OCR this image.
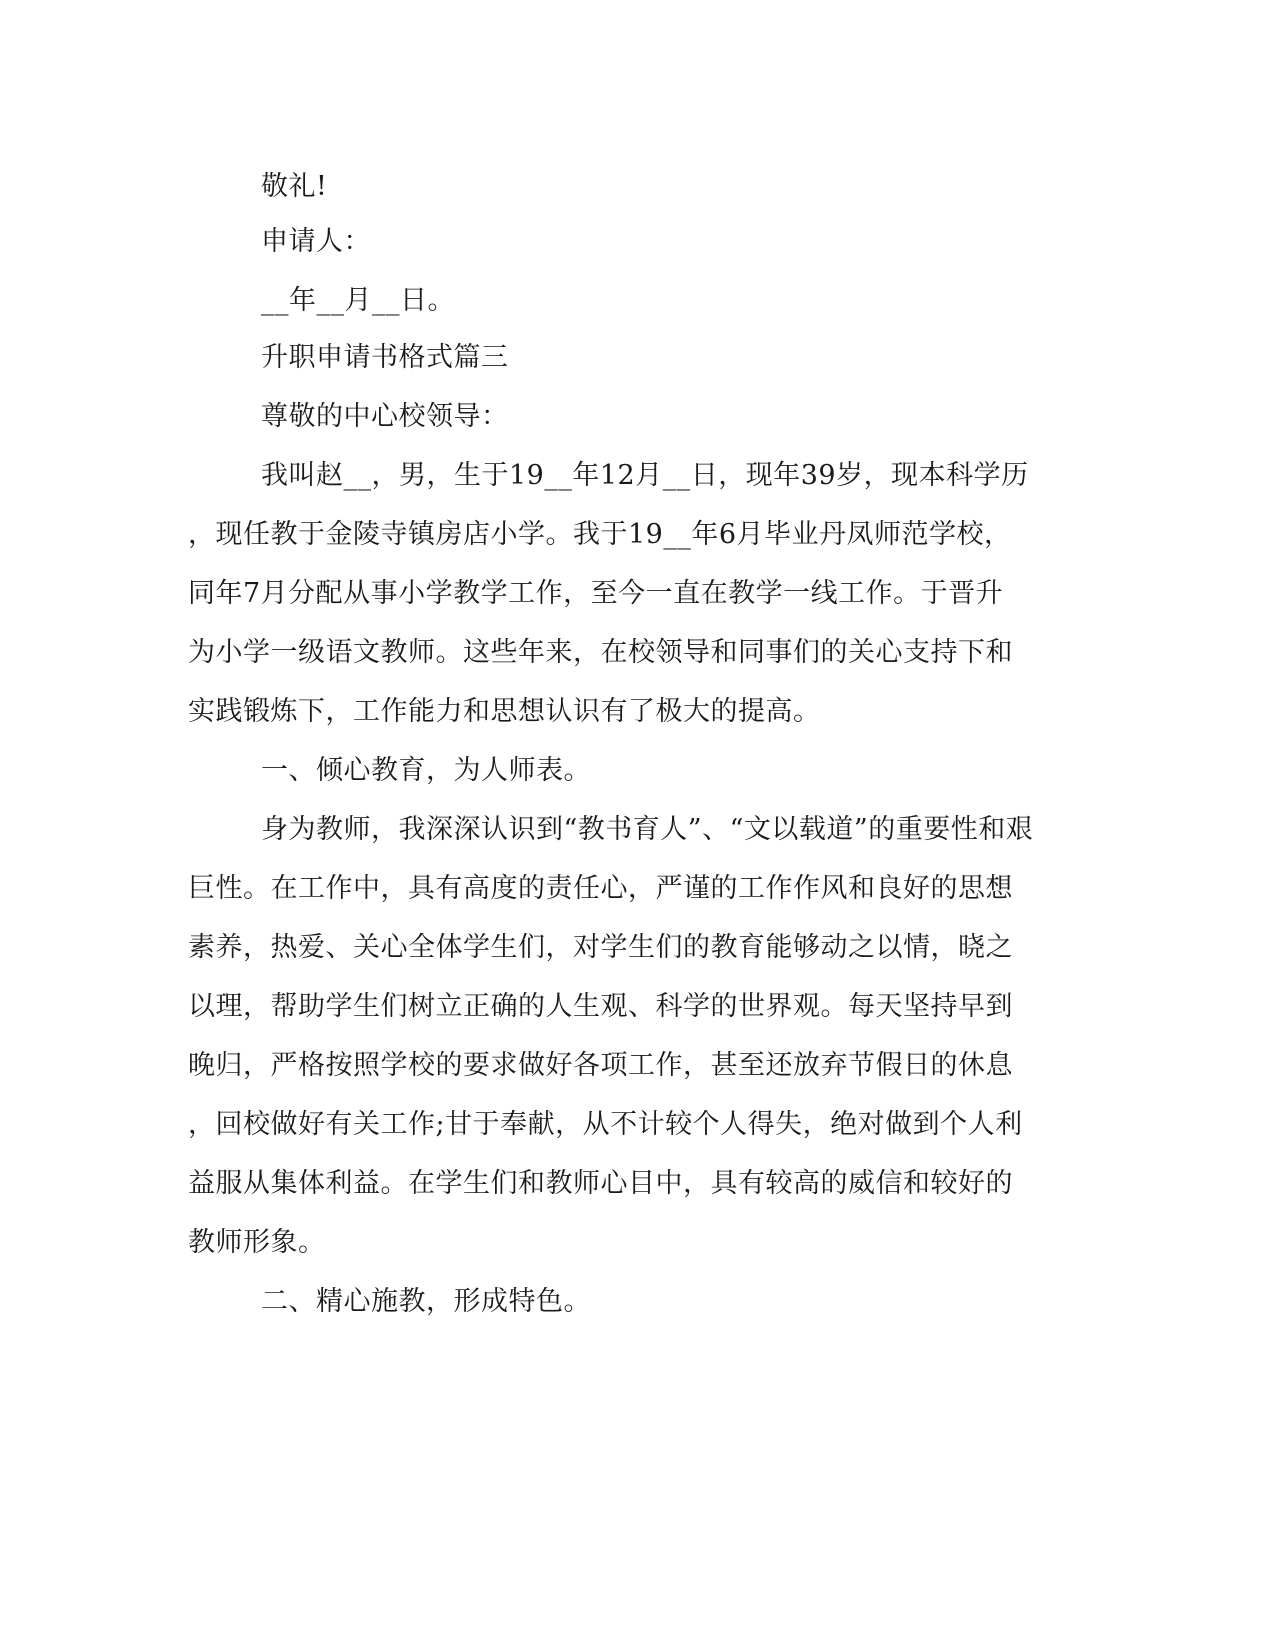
敬礼!
申请人：
__年__月__日。
升职申请书格式篇三
尊敬的中心校领导：
我叫赵__，男，生于19__年12月__日，现年39岁，现本科学历
，现任教于金陵寺镇房店小学。我于19__年6月毕业丹凤师范学校，
同年7月分配从事小学教学工作，至今一直在教学一线工作。于晋升
为小学一级语文教师。这些年来，在校领导和同事们的关心支持下和
实践锻炼下，工作能力和思想认识有了极大的提高。
一、倾心教育，为人师表。
身为教师，我深深认识到“教书育人”、“文以载道”的重要性和艰
巨性。在工作中，具有高度的责任心，严谨的工作作风和良好的思想
素养，热爱、关心全体学生们，对学生们的教育能够动之以情，晓之
以理，帮助学生们树立正确的人生观、科学的世界观。每天坚持早到
晚归，严格按照学校的要求做好各项工作，甚至还放弃节假日的休息
，回校做好有关工作;甘于奉献，从不计较个人得失，绝对做到个人利
益服从集体利益。在学生们和教师心目中，具有较高的威信和较好的
教师形象。
二、精心施教，形成特色。
